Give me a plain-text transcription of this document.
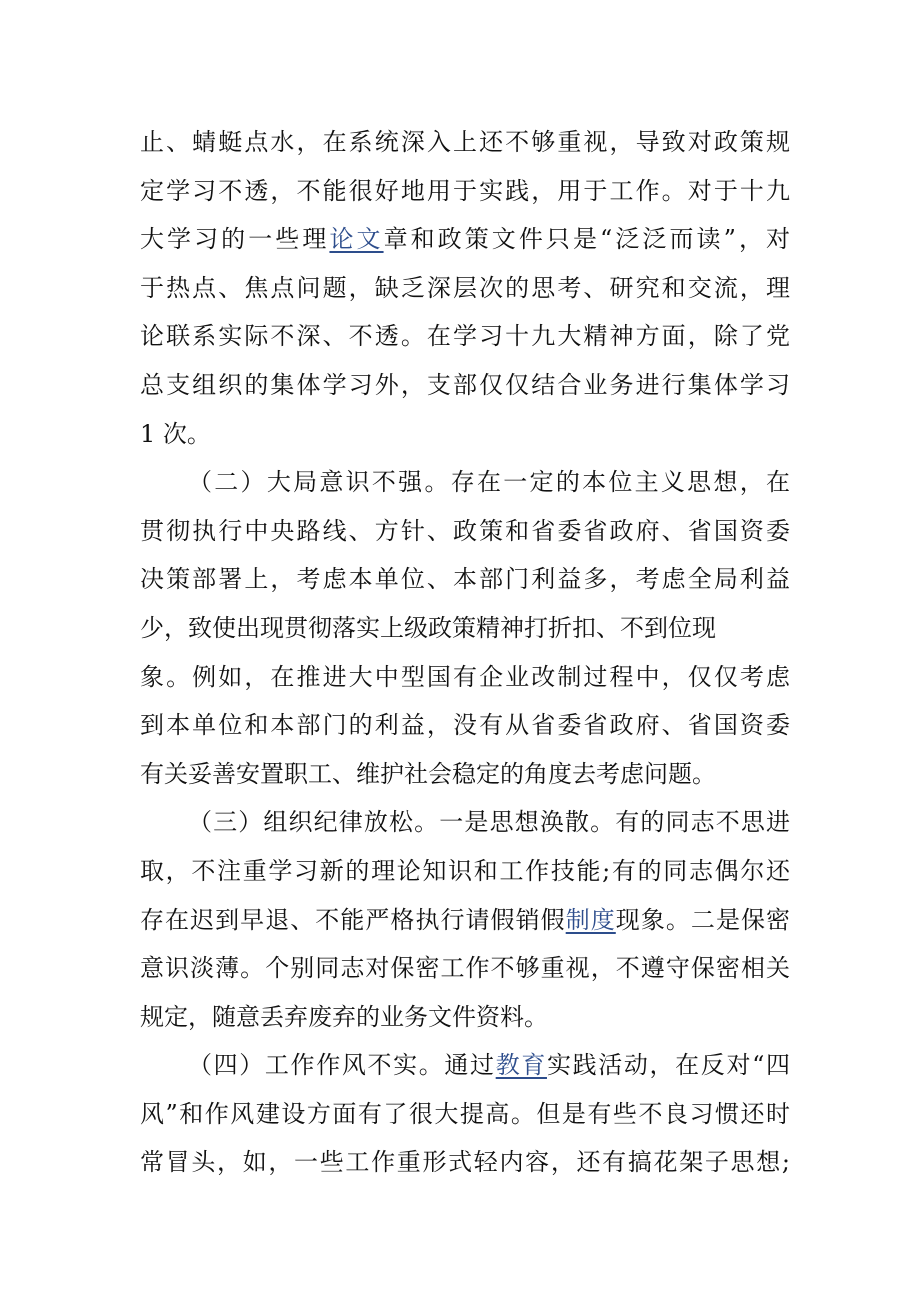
止、蜻蜓点水，在系统深入上还不够重视，导致对政策规
定学习不透，不能很好地用于实践，用于工作。对于十九
大学习的一些理论文章和政策文件只是“泛泛而读”，对
于热点、焦点问题，缺乏深层次的思考、研究和交流，理
论联系实际不深、不透。在学习十九大精神方面，除了党
总支组织的集体学习外，支部仅仅结合业务进行集体学习
1 次。
（二）大局意识不强。存在一定的本位主义思想，在
贯彻执行中央路线、方针、政策和省委省政府、省国资委
决策部署上，考虑本单位、本部门利益多，考虑全局利益
少，致使出现贯彻落实上级政策精神打折扣、不到位现
象。例如，在推进大中型国有企业改制过程中，仅仅考虑
到本单位和本部门的利益，没有从省委省政府、省国资委
有关妥善安置职工、维护社会稳定的角度去考虑问题。
（三）组织纪律放松。一是思想涣散。有的同志不思进
取，不注重学习新的理论知识和工作技能;有的同志偶尔还
存在迟到早退、不能严格执行请假销假制度现象。二是保密
意识淡薄。个别同志对保密工作不够重视，不遵守保密相关
规定，随意丢弃废弃的业务文件资料。
（四）工作作风不实。通过教育实践活动，在反对“四
风”和作风建设方面有了很大提高。但是有些不良习惯还时
常冒头，如，一些工作重形式轻内容，还有搞花架子思想;
